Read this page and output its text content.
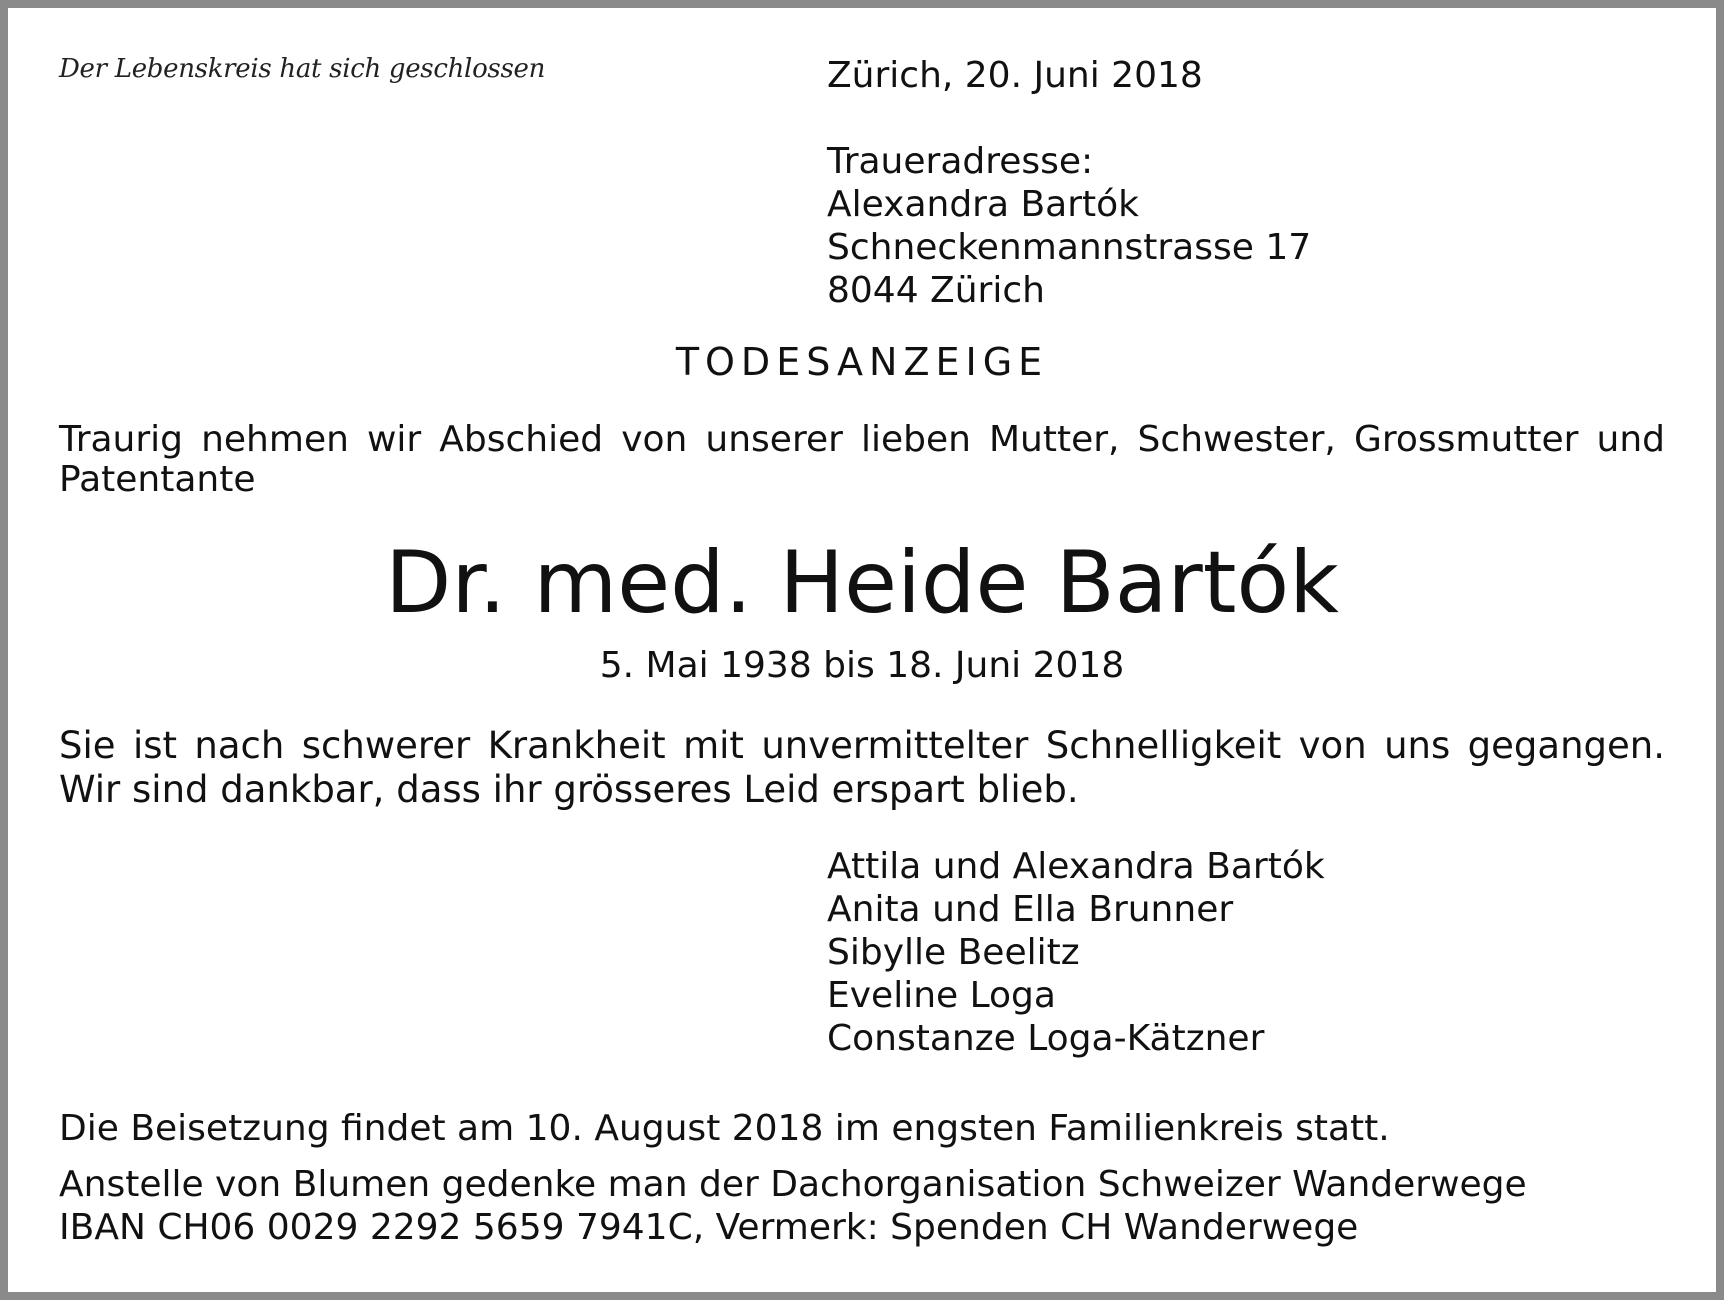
Der Lebenskreis hat sich geschlossen	Zürich, 20. Juni 2018
Traueradresse:
Alexandra Bartók
Schneckenmannstrasse 17
8044 Zürich
TODESANZEIGE
Traurig nehmen wir Abschied von unserer lieben Mutter, Schwester, Grossmutter und Patentante
Dr. med. Heide Bartók
5. Mai 1938 bis 18. Juni 2018
Sie ist nach schwerer Krankheit mit unvermittelter Schnelligkeit von uns gegangen. Wir sind dankbar, dass ihr grösseres Leid erspart blieb.
Attila und Alexandra Bartók
Anita und Ella Brunner
Sibylle Beelitz
Eveline Loga
Constanze Loga-Kätzner
Die Beisetzung findet am 10. August 2018 im engsten Familienkreis statt.
Anstelle von Blumen gedenke man der Dachorganisation Schweizer Wanderwege
IBAN CH06 0029 2292 5659 7941C, Vermerk: Spenden CH Wanderwege
